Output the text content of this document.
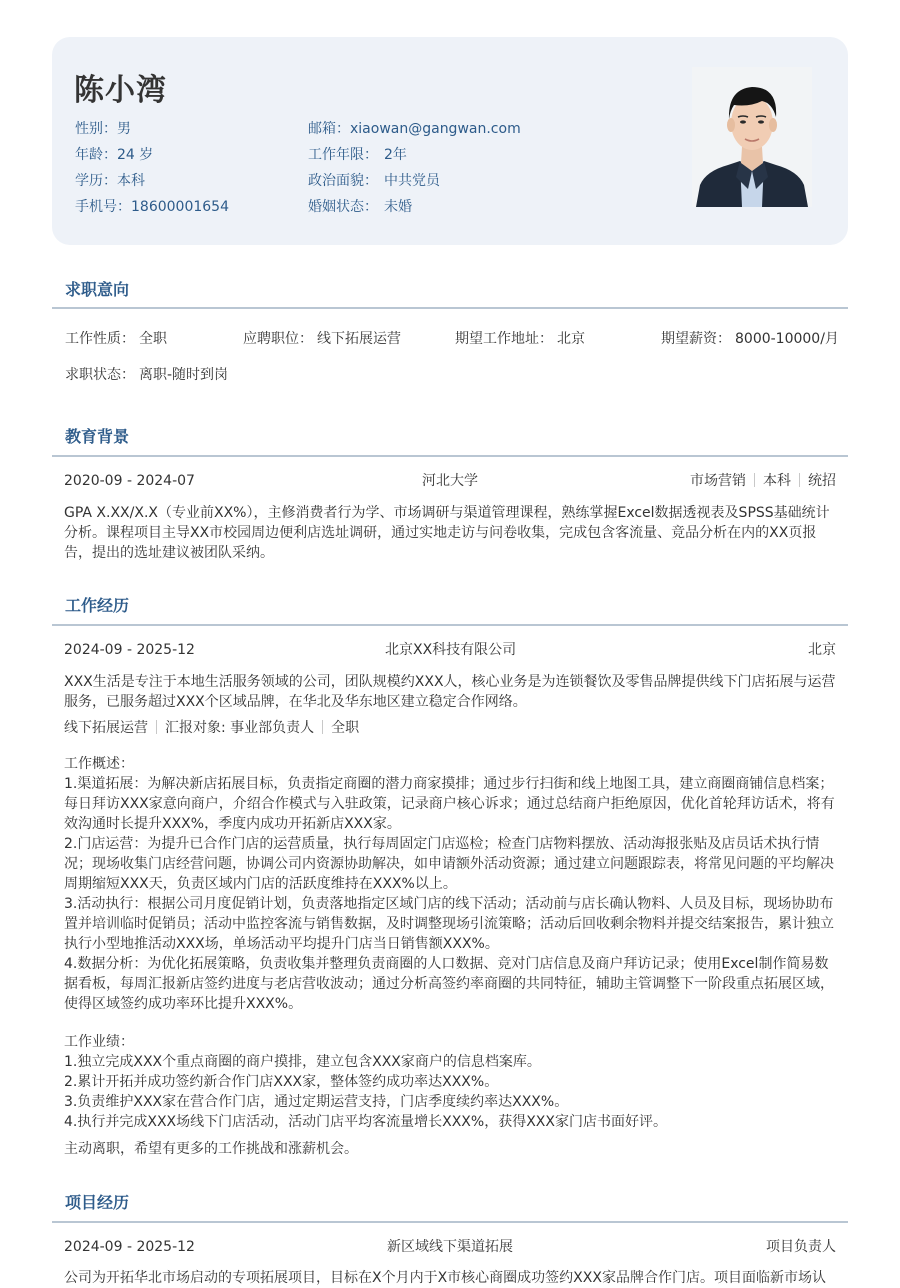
陈小湾
性别：男
年龄：24 岁
学历：本科
手机号：18600001654
邮箱：xiaowan@gangwan.com
工作年限： 2年
政治面貌： 中共党员
婚姻状态： 未婚
求职意向
工作性质： 全职	应聘职位： 线下拓展运营	期望工作地址： 北京	期望薪资： 8000-10000/月
求职状态： 离职-随时到岗
教育背景
2020-09 - 2024-07	河北大学	市场营销 本科 统招
GPA X.XX/X.X（专业前XX%），主修消费者行为学、市场调研与渠道管理课程，熟练掌握Excel数据透视表及SPSS基础统计
分析。课程项目主导XX市校园周边便利店选址调研，通过实地走访与问卷收集，完成包含客流量、竞品分析在内的XX页报
告，提出的选址建议被团队采纳。
工作经历
2024-09 - 2025-12	北京XX科技有限公司	北京
XXX生活是专注于本地生活服务领域的公司，团队规模约XXX人，核心业务是为连锁餐饮及零售品牌提供线下门店拓展与运营
服务，已服务超过XXX个区域品牌，在华北及华东地区建立稳定合作网络。
线下拓展运营 汇报对象: 事业部负责人 全职
工作概述：
1.渠道拓展：为解决新店拓展目标，负责指定商圈的潜力商家摸排；通过步行扫街和线上地图工具，建立商圈商铺信息档案；
每日拜访XXX家意向商户，介绍合作模式与入驻政策，记录商户核心诉求；通过总结商户拒绝原因，优化首轮拜访话术，将有
效沟通时长提升XXX%，季度内成功开拓新店XXX家。
2.门店运营：为提升已合作门店的运营质量，执行每周固定门店巡检；检查门店物料摆放、活动海报张贴及店员话术执行情
况；现场收集门店经营问题，协调公司内资源协助解决，如申请额外活动资源；通过建立问题跟踪表，将常见问题的平均解决
周期缩短XXX天，负责区域内门店的活跃度维持在XXX%以上。
3.活动执行：根据公司月度促销计划，负责落地指定区域门店的线下活动；活动前与店长确认物料、人员及目标，现场协助布
置并培训临时促销员；活动中监控客流与销售数据，及时调整现场引流策略；活动后回收剩余物料并提交结案报告，累计独立
执行小型地推活动XXX场，单场活动平均提升门店当日销售额XXX%。
4.数据分析：为优化拓展策略，负责收集并整理负责商圈的人口数据、竞对门店信息及商户拜访记录；使用Excel制作简易数
据看板，每周汇报新店签约进度与老店营收波动；通过分析高签约率商圈的共同特征，辅助主管调整下一阶段重点拓展区域，
使得区域签约成功率环比提升XXX%。
工作业绩：
1.独立完成XXX个重点商圈的商户摸排，建立包含XXX家商户的信息档案库。
2.累计开拓并成功签约新合作门店XXX家，整体签约成功率达XXX%。
3.负责维护XXX家在营合作门店，通过定期运营支持，门店季度续约率达XXX%。
4.执行并完成XXX场线下门店活动，活动门店平均客流量增长XXX%，获得XXX家门店书面好评。
主动离职，希望有更多的工作挑战和涨薪机会。
项目经历
2024-09 - 2025-12	新区域线下渠道拓展	项目负责人
公司为开拓华北市场启动的专项拓展项目，目标在X个月内于X市核心商圈成功签约XXX家品牌合作门店。项目面临新市场认
